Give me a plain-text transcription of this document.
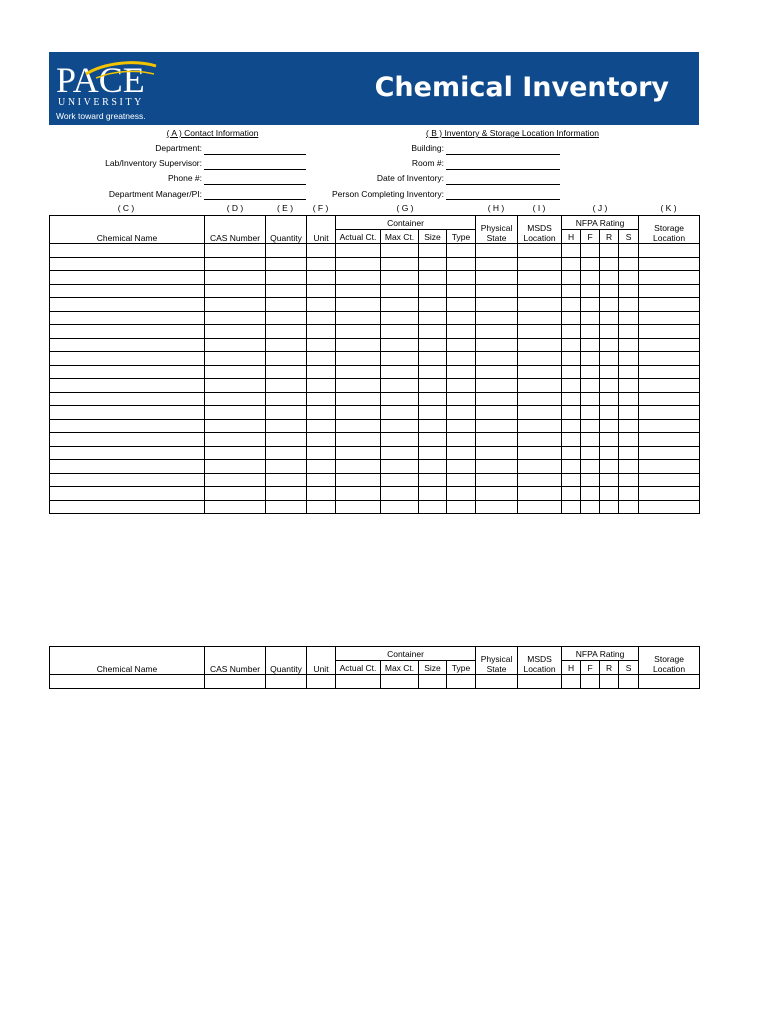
PACE
UNIVERSITY
Work toward greatness.
Chemical Inventory
( A ) Contact Information	( B ) Inventory & Storage Location Information
Department:
Lab/Inventory Supervisor:
Phone #:
Department Manager/PI:
Building:
Room #:
Date of Inventory:
Person Completing Inventory:
( C )	( D )	( E )	( F )	( G )	( H )	( I )	( J )	( K )
Chemical Name	CAS Number	Quantity	Unit	Container				Physical State	MSDS Location	NFPA Rating				Storage Location
				Actual Ct.	Max Ct.	Size	Type			H	F	R	S	

Chemical Name	CAS Number	Quantity	Unit	Container				Physical State	MSDS Location	NFPA Rating				Storage Location
				Actual Ct.	Max Ct.	Size	Type			H	F	R	S	
